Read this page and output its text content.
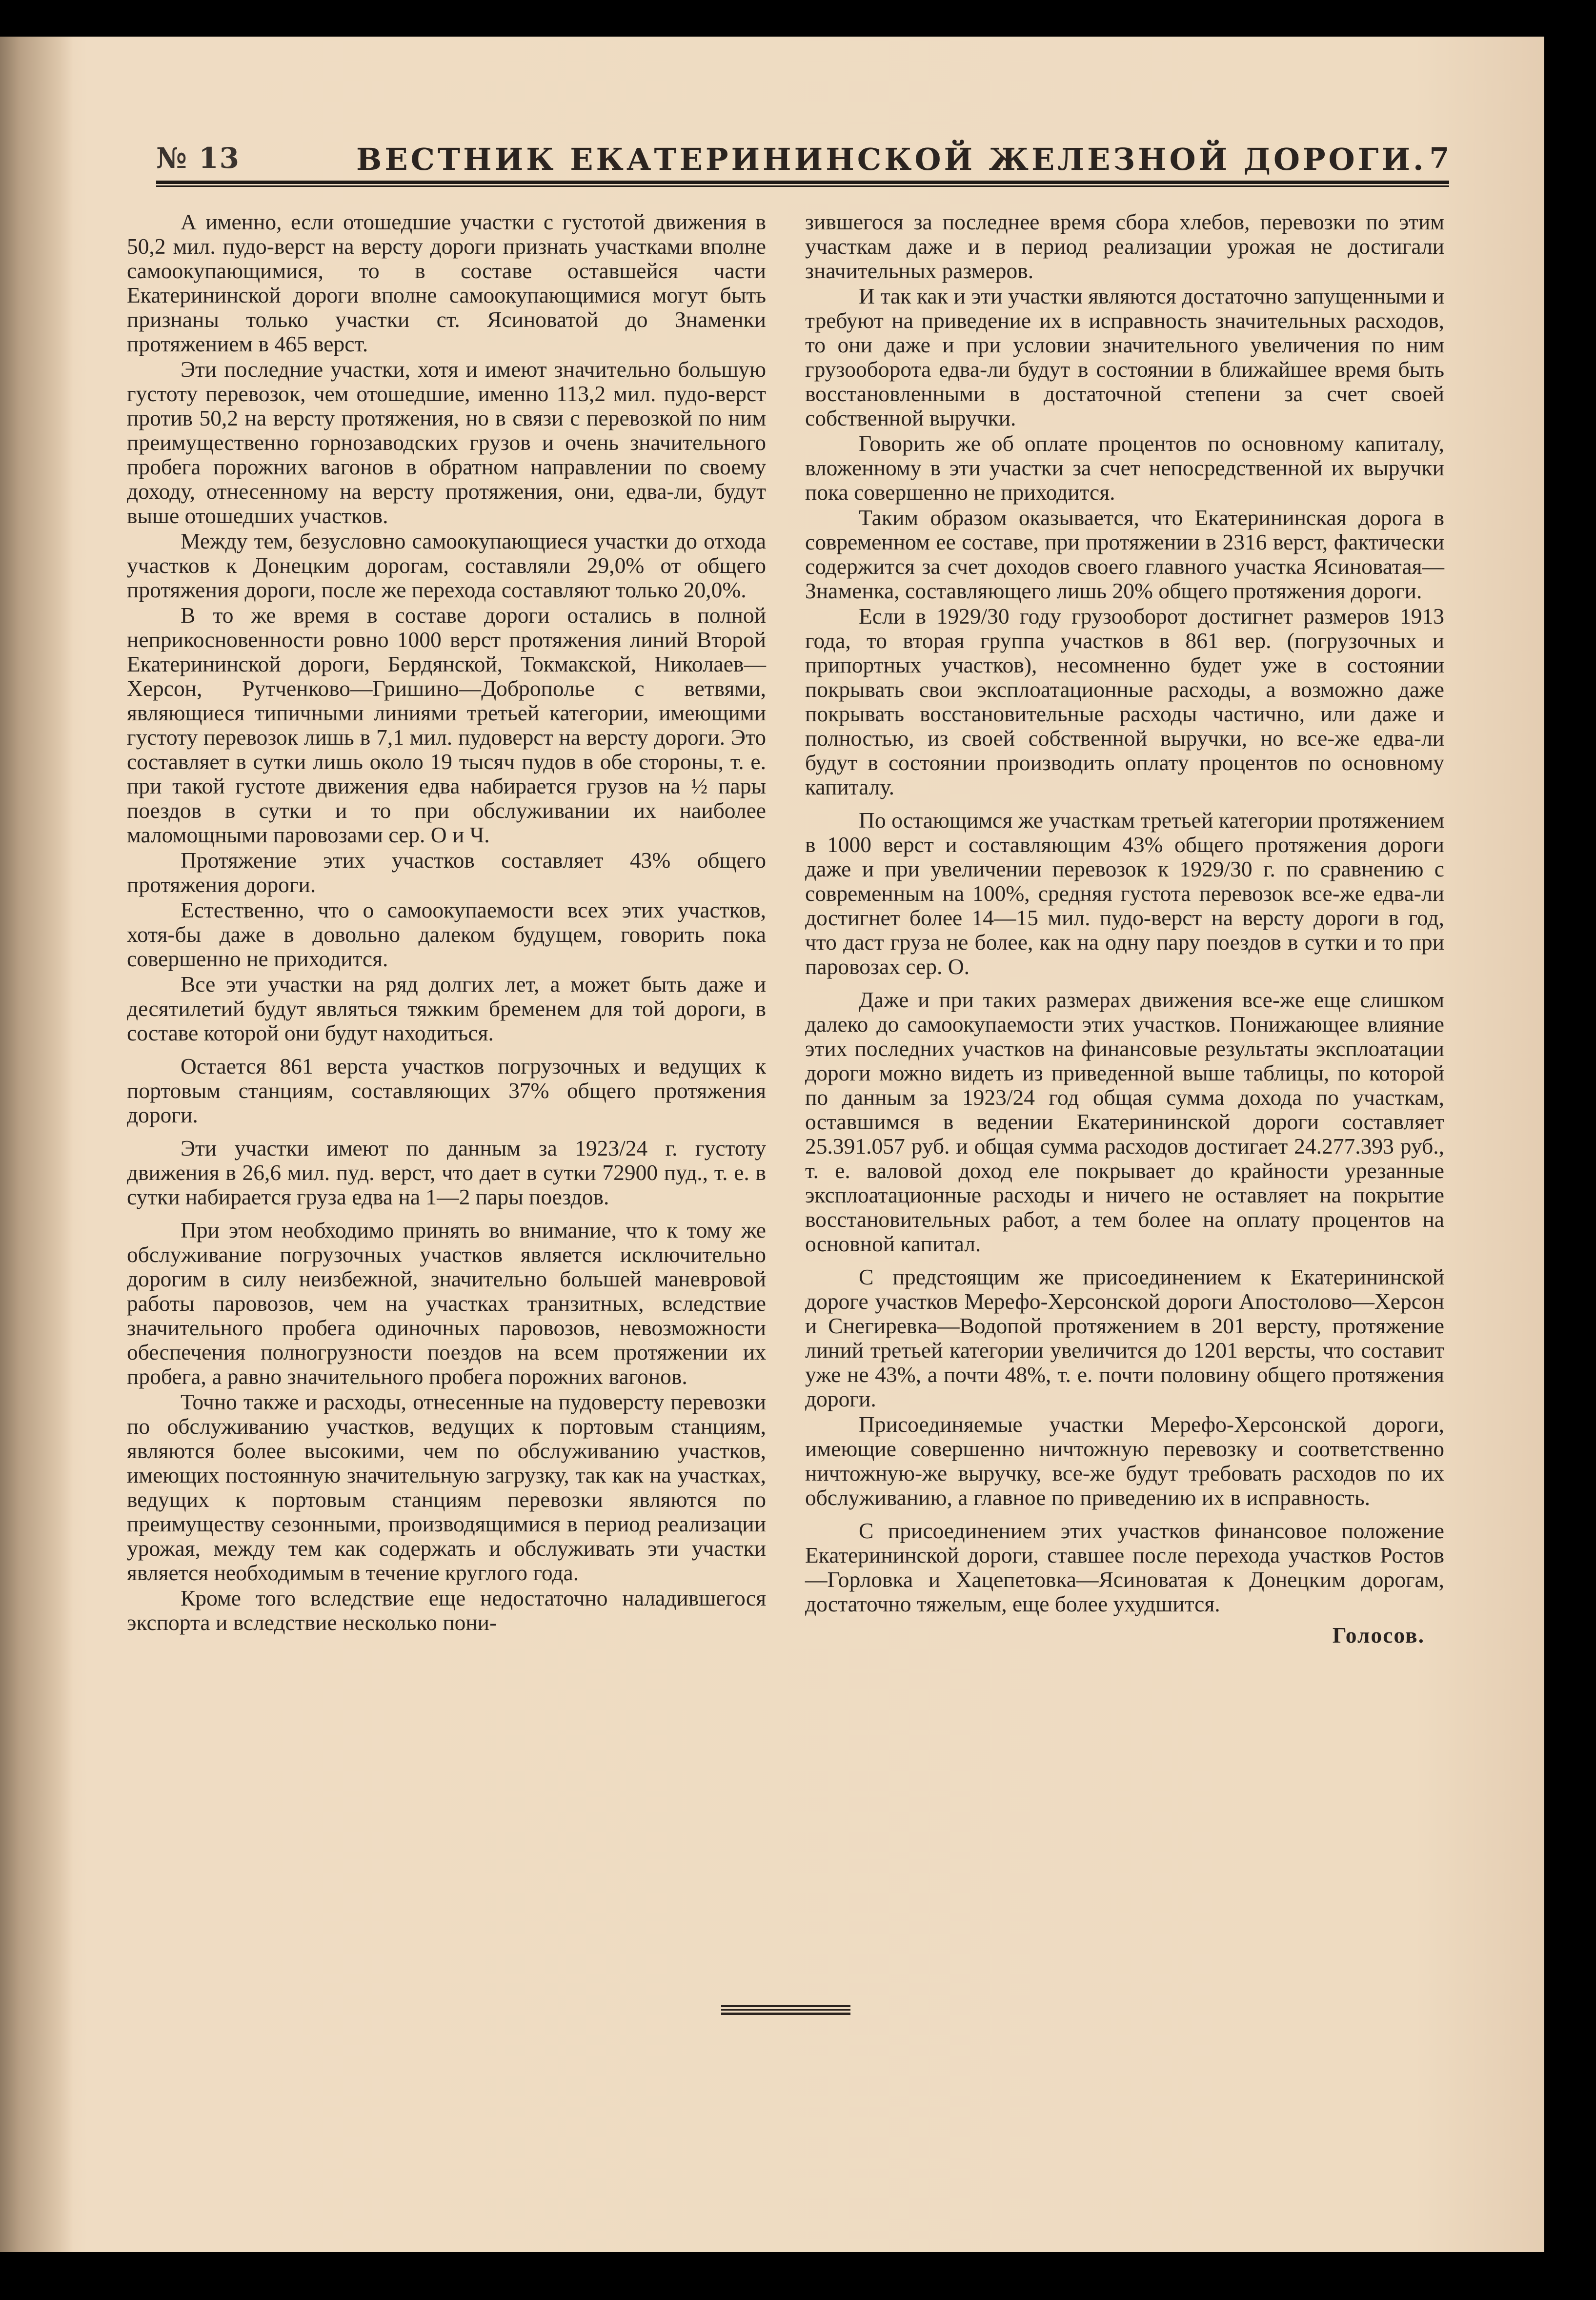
№ 13	ВЕСТНИК ЕКАТЕРИНИНСКОЙ ЖЕЛЕЗНОЙ ДОРОГИ. 7

А именно, если отошедшие участки с густотой движения в 50,2 мил. пудо-верст на версту дороги признать участками вполне самоокупающимися, то в составе оставшейся части Екатерининской дороги вполне самоокупающимися могут быть признаны только участки ст. Ясиноватой до Знаменки протяжением в 465 верст.

Эти последние участки, хотя и имеют значительно большую густоту перевозок, чем отошедшие, именно 113,2 мил. пудо-верст против 50,2 на версту протяжения, но в связи с перевозкой по ним преимущественно горнозаводских грузов и очень значительного пробега порожних вагонов в обратном направлении по своему доходу, отнесенному на версту протяжения, они, едва-ли, будут выше отошедших участков.

Между тем, безусловно самоокупающиеся участки до отхода участков к Донецким дорогам, составляли 29,0% от общего протяжения дороги, после же перехода составляют только 20,0%.

В то же время в составе дороги остались в полной неприкосновенности ровно 1000 верст протяжения линий Второй Екатерининской дороги, Бердянской, Токмакской, Николаев—Херсон, Рутченково—Гришино—Доброполье с ветвями, являющиеся типичными линиями третьей категории, имеющими густоту перевозок лишь в 7,1 мил. пудоверст на версту дороги. Это составляет в сутки лишь около 19 тысяч пудов в обе стороны, т. е. при такой густоте движения едва набирается грузов на ½ пары поездов в сутки и то при обслуживании их наиболее маломощными паровозами сер. О и Ч.

Протяжение этих участков составляет 43% общего протяжения дороги.

Естественно, что о самоокупаемости всех этих участков, хотя-бы даже в довольно далеком будущем, говорить пока совершенно не приходится.

Все эти участки на ряд долгих лет, а может быть даже и десятилетий будут являться тяжким бременем для той дороги, в составе которой они будут находиться.

Остается 861 верста участков погрузочных и ведущих к портовым станциям, составляющих 37% общего протяжения дороги.

Эти участки имеют по данным за 1923/24 г. густоту движения в 26,6 мил. пуд. верст, что дает в сутки 72900 пуд., т. е. в сутки набирается груза едва на 1—2 пары поездов.

При этом необходимо принять во внимание, что к тому же обслуживание погрузочных участков является исключительно дорогим в силу неизбежной, значительно большей маневровой работы паровозов, чем на участках транзитных, вследствие значительного пробега одиночных паровозов, невозможности обеспечения полногрузности поездов на всем протяжении их пробега, а равно значительного пробега порожних вагонов.

Точно также и расходы, отнесенные на пудоверсту перевозки по обслуживанию участков, ведущих к портовым станциям, являются более высокими, чем по обслуживанию участков, имеющих постоянную значительную загрузку, так как на участках, ведущих к портовым станциям перевозки являются по преимуществу сезонными, производящимися в период реализации урожая, между тем как содержать и обслуживать эти участки является необходимым в течение круглого года.

Кроме того вследствие еще недостаточно наладившегося экспорта и вследствие несколько пони-

зившегося за последнее время сбора хлебов, перевозки по этим участкам даже и в период реализации урожая не достигали значительных размеров.

И так как и эти участки являются достаточно запущенными и требуют на приведение их в исправность значительных расходов, то они даже и при условии значительного увеличения по ним грузооборота едва-ли будут в состоянии в ближайшее время быть восстановленными в достаточной степени за счет своей собственной выручки.

Говорить же об оплате процентов по основному капиталу, вложенному в эти участки за счет непосредственной их выручки пока совершенно не приходится.

Таким образом оказывается, что Екатерининская дорога в современном ее составе, при протяжении в 2316 верст, фактически содержится за счет доходов своего главного участка Ясиноватая—Знаменка, составляющего лишь 20% общего протяжения дороги.

Если в 1929/30 году грузооборот достигнет размеров 1913 года, то вторая группа участков в 861 вер. (погрузочных и припортных участков), несомненно будет уже в состоянии покрывать свои эксплоатационные расходы, а возможно даже покрывать восстановительные расходы частично, или даже и полностью, из своей собственной выручки, но все-же едва-ли будут в состоянии производить оплату процентов по основному капиталу.

По остающимся же участкам третьей категории протяжением в 1000 верст и составляющим 43% общего протяжения дороги даже и при увеличении перевозок к 1929/30 г. по сравнению с современным на 100%, средняя густота перевозок все-же едва-ли достигнет более 14—15 мил. пудо-верст на версту дороги в год, что даст груза не более, как на одну пару поездов в сутки и то при паровозах сер. О.

Даже и при таких размерах движения все-же еще слишком далеко до самоокупаемости этих участков. Понижающее влияние этих последних участков на финансовые результаты эксплоатации дороги можно видеть из приведенной выше таблицы, по которой по данным за 1923/24 год общая сумма дохода по участкам, оставшимся в ведении Екатерининской дороги составляет 25.391.057 руб. и общая сумма расходов достигает 24.277.393 руб., т. е. валовой доход еле покрывает до крайности урезанные эксплоатационные расходы и ничего не оставляет на покрытие восстановительных работ, а тем более на оплату процентов на основной капитал.

С предстоящим же присоединением к Екатерининской дороге участков Мерефо-Херсонской дороги Апостолово—Херсон и Снегиревка—Водопой протяжением в 201 версту, протяжение линий третьей категории увеличится до 1201 версты, что составит уже не 43%, а почти 48%, т. е. почти половину общего протяжения дороги.

Присоединяемые участки Мерефо-Херсонской дороги, имеющие совершенно ничтожную перевозку и соответственно ничтожную-же выручку, все-же будут требовать расходов по их обслуживанию, а главное по приведению их в исправность.

С присоединением этих участков финансовое положение Екатерининской дороги, ставшее после перехода участков Ростов—Горловка и Хацепетовка—Ясиноватая к Донецким дорогам, достаточно тяжелым, еще более ухудшится.

Голосов.
